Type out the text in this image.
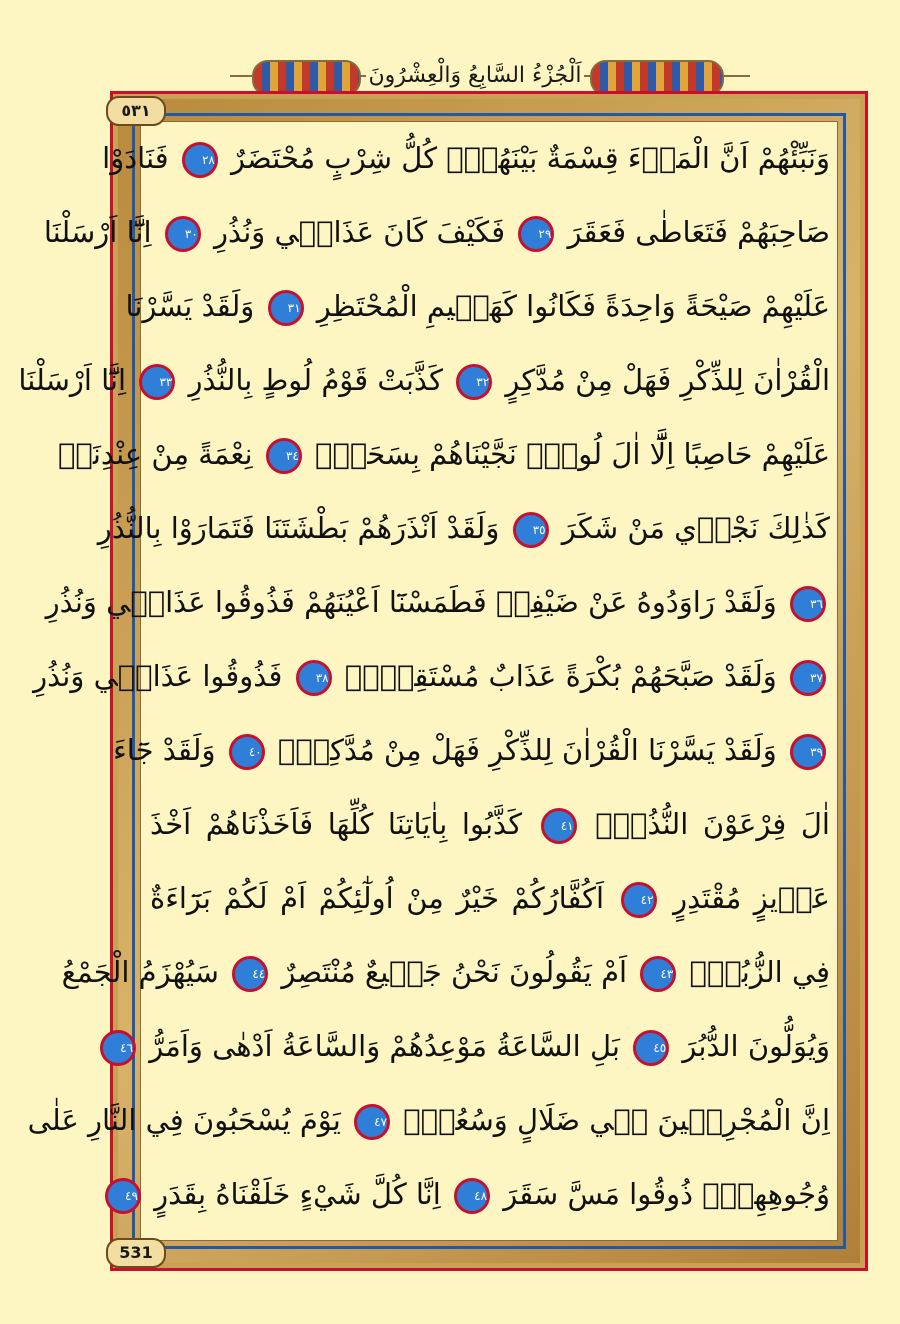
اَلْجُزْءُ السَّابِعُ وَالْعِشْرُونَ
٥٣١
531
وَنَبِّئْهُمْ اَنَّ الْمَاۤءَ قِسْمَةٌ بَيْنَهُمْۚ كُلُّ شِرْبٍ مُحْتَضَرٌ ٢٨ فَنَادَوْا
صَاحِبَهُمْ فَتَعَاطٰى فَعَقَرَ ٢٩ فَكَيْفَ كَانَ عَذَابٖي وَنُذُرِ ٣٠ اِنَّٓا اَرْسَلْنَا
عَلَيْهِمْ صَيْحَةً وَاحِدَةً فَكَانُوا كَهَشٖيمِ الْمُحْتَظِرِ ٣١ وَلَقَدْ يَسَّرْنَا
الْقُرْاٰنَ لِلذِّكْرِ فَهَلْ مِنْ مُدَّكِرٍ ٣٢ كَذَّبَتْ قَوْمُ لُوطٍ بِالنُّذُرِ ٣٣ اِنَّٓا اَرْسَلْنَا
عَلَيْهِمْ حَاصِبًا اِلَّٓا اٰلَ لُوطٍۜ نَجَّيْنَاهُمْ بِسَحَرٍۙ ٣٤ نِعْمَةً مِنْ عِنْدِنَاۜ
كَذٰلِكَ نَجْزٖي مَنْ شَكَرَ ٣٥ وَلَقَدْ اَنْذَرَهُمْ بَطْشَتَنَا فَتَمَارَوْا بِالنُّذُرِ
٣٦ وَلَقَدْ رَاوَدُوهُ عَنْ ضَيْفِهٖ فَطَمَسْنَٓا اَعْيُنَهُمْ فَذُوقُوا عَذَابٖي وَنُذُرِ
٣٧ وَلَقَدْ صَبَّحَهُمْ بُكْرَةً عَذَابٌ مُسْتَقِرٌّۚ ٣٨ فَذُوقُوا عَذَابٖي وَنُذُرِ
٣٩ وَلَقَدْ يَسَّرْنَا الْقُرْاٰنَ لِلذِّكْرِ فَهَلْ مِنْ مُدَّكِرٍ۟ ٤٠ وَلَقَدْ جَٓاءَ
اٰلَ فِرْعَوْنَ النُّذُرُۚ ٤١ كَذَّبُوا بِاٰيَاتِنَا كُلِّهَا فَاَخَذْنَاهُمْ اَخْذَ
عَزٖيزٍ مُقْتَدِرٍ ٤٢ اَكُفَّارُكُمْ خَيْرٌ مِنْ اُولٰٓئِكُمْ اَمْ لَكُمْ بَرَٓاءَةٌ
فِي الزُّبُرِۚ ٤٣ اَمْ يَقُولُونَ نَحْنُ جَمٖيعٌ مُنْتَصِرٌ ٤٤ سَيُهْزَمُ الْجَمْعُ
وَيُوَلُّونَ الدُّبُرَ ٤٥ بَلِ السَّاعَةُ مَوْعِدُهُمْ وَالسَّاعَةُ اَدْهٰى وَاَمَرُّ ٤٦
اِنَّ الْمُجْرِمٖينَ فٖي ضَلَالٍ وَسُعُرٍۢ ٤٧ يَوْمَ يُسْحَبُونَ فِي النَّارِ عَلٰى
وُجُوهِهِمْۜ ذُوقُوا مَسَّ سَقَرَ ٤٨ اِنَّا كُلَّ شَيْءٍ خَلَقْنَاهُ بِقَدَرٍ ٤٩
